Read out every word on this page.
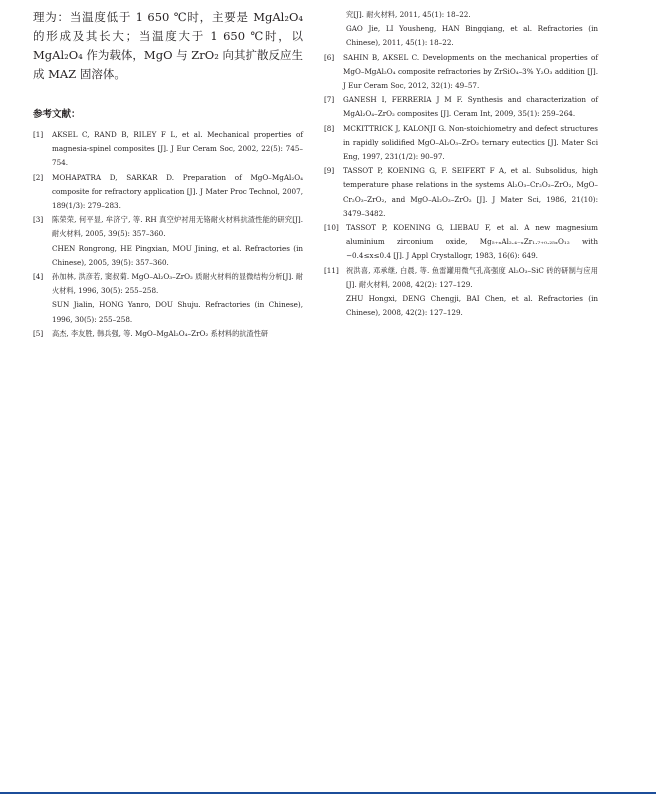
理为：当温度低于 1 650 ℃时，主要是 MgAl₂O₄ 的形成及其长大；当温度大于 1 650 ℃时，以 MgAl₂O₄ 作为载体，MgO 与 ZrO₂ 向其扩散反应生成 MAZ 固溶体。

参考文献：
[1]	AKSEL C, RAND B, RILEY F L, et al. Mechanical properties of magnesia-spinel composites [J]. J Eur Ceram Soc, 2002, 22(5): 745–754.
[2]	MOHAPATRA D, SARKAR D. Preparation of MgO–MgAl₂O₄ composite for refractory application [J]. J Mater Proc Technol, 2007, 189(1/3): 279–283.
[3]	陈荣荣, 何平显, 牟济宁, 等. RH 真空炉衬用无铬耐火材料抗渣性能的研究[J]. 耐火材料, 2005, 39(5): 357–360.
CHEN Rongrong, HE Pingxian, MOU Jining, et al. Refractories (in Chinese), 2005, 39(5): 357–360.
[4]	孙加林, 洪彦若, 窦叔菊. MgO–Al₂O₃–ZrO₂ 质耐火材料的显微结构分析[J]. 耐火材料, 1996, 30(5): 255–258.
SUN Jialin, HONG Yanro, DOU Shuju. Refractories (in Chinese), 1996, 30(5): 255–258.
[5]	高杰, 李友胜, 韩兵强, 等. MgO–MgAl₂O₄–ZrO₂ 系材料的抗渣性研
究[J]. 耐火材料, 2011, 45(1): 18–22.
GAO Jie, LI Yousheng, HAN Bingqiang, et al. Refractories (in Chinese), 2011, 45(1): 18–22.
[6]	SAHIN B, AKSEL C. Developments on the mechanical properties of MgO–MgAl₂O₄ composite refractories by ZrSiO₄–3% Y₂O₃ addition [J]. J Eur Ceram Soc, 2012, 32(1): 49–57.
[7]	GANESH I, FERRERIA J M F. Synthesis and characterization of MgAl₂O₄–ZrO₂ composites [J]. Ceram Int, 2009, 35(1): 259–264.
[8]	MCKITTRICK J, KALONJI G. Non-stoichiometry and defect structures in rapidly solidified MgO–Al₂O₃–ZrO₂ ternary eutectics [J]. Mater Sci Eng, 1997, 231(1/2): 90–97.
[9]	TASSOT P, KOENING G, F. SEIFERT F A, et al. Subsolidus, high temperature phase relations in the systems Al₂O₃–Cr₂O₃–ZrO₂, MgO–Cr₂O₃–ZrO₂, and MgO–Al₂O₃–ZrO₂ [J]. J Mater Sci, 1986, 21(10): 3479–3482.
[10]	TASSOT P, KOENING G, LIEBAU F, et al. A new magnesium aluminium zirconium oxide, Mg₅₊ₓAl₂.₄₋ₓZr₁.₇₊₀.₂₅ₓO₁₂ with −0.4≤x≤0.4 [J]. J Appl Crystallogr, 1983, 16(6): 649.
[11]	祝洪喜, 邓承继, 白晨, 等. 鱼雷罐用微气孔高强度 Al₂O₃–SiC 砖的研制与应用[J]. 耐火材料, 2008, 42(2): 127–129.
ZHU Hongxi, DENG Chengji, BAI Chen, et al. Refractories (in Chinese), 2008, 42(2): 127–129.
